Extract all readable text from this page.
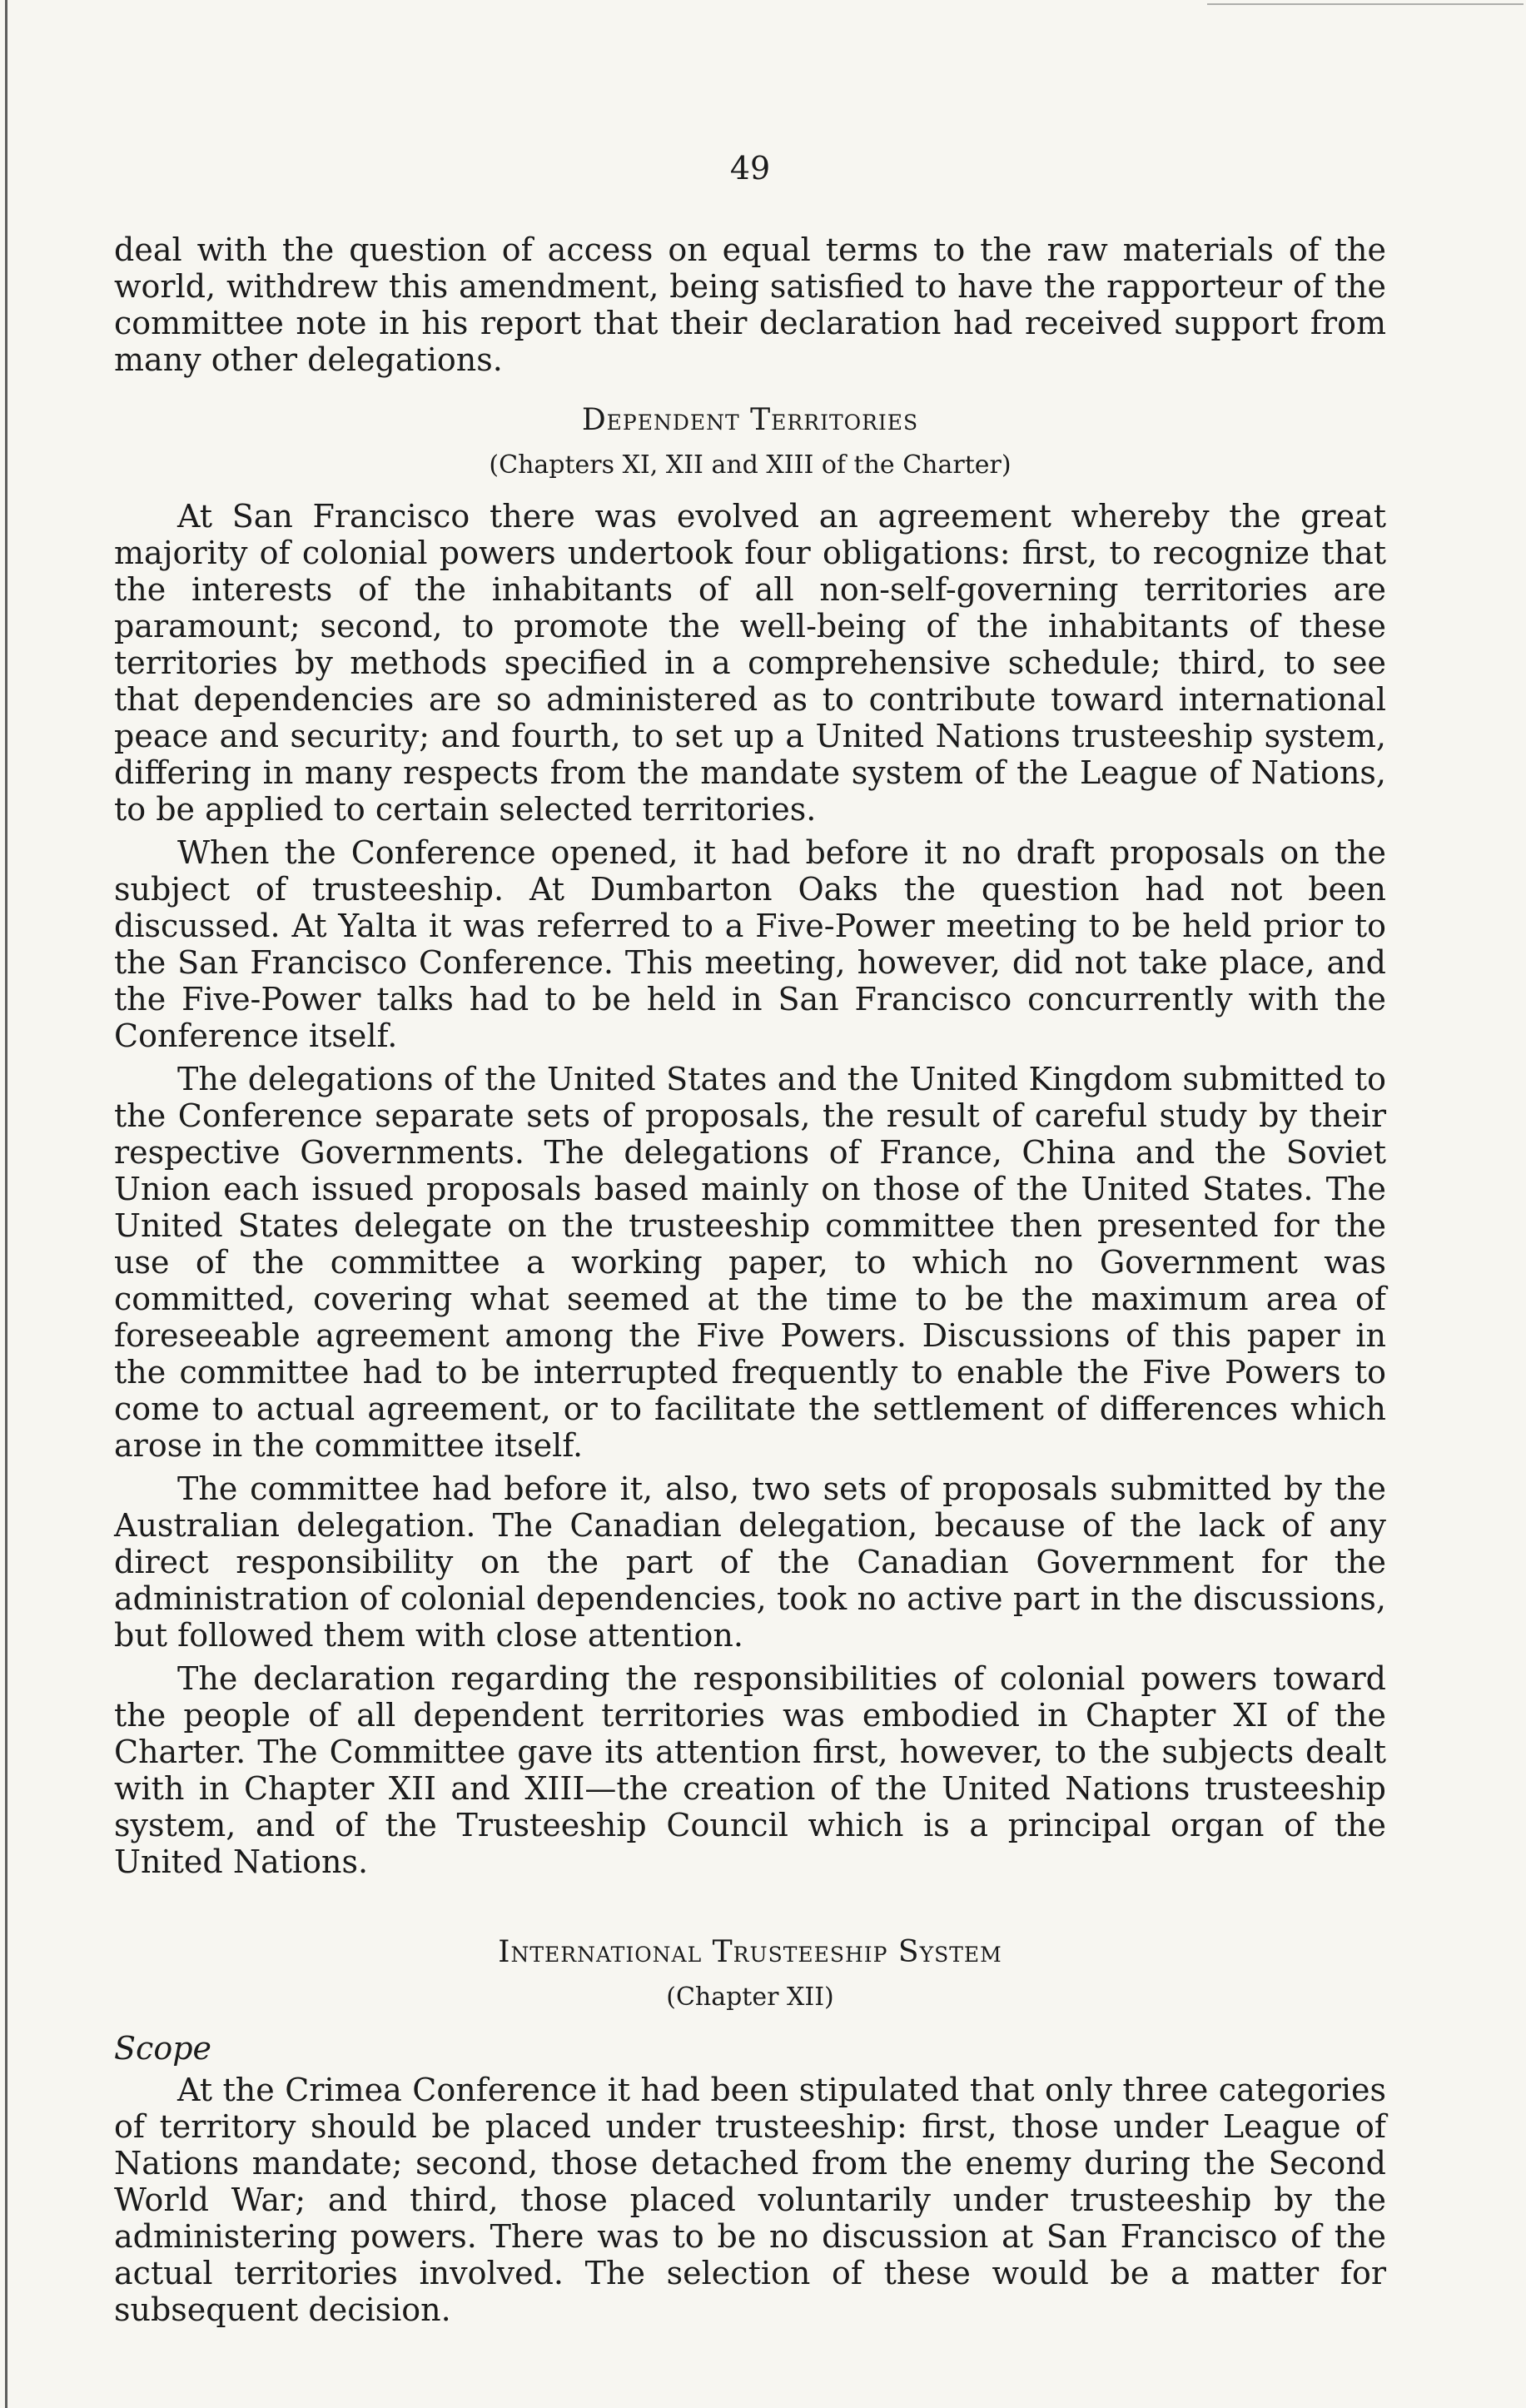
49

deal with the question of access on equal terms to the raw materials of the world, withdrew this amendment, being satisfied to have the rapporteur of the committee note in his report that their declaration had received support from many other delegations.

Dependent Territories
(Chapters XI, XII and XIII of the Charter)

At San Francisco there was evolved an agreement whereby the great majority of colonial powers undertook four obligations: first, to recognize that the interests of the inhabitants of all non-self-governing territories are paramount; second, to promote the well-being of the inhabitants of these territories by methods specified in a comprehensive schedule; third, to see that dependencies are so administered as to contribute toward international peace and security; and fourth, to set up a United Nations trusteeship system, differing in many respects from the mandate system of the League of Nations, to be applied to certain selected territories.

When the Conference opened, it had before it no draft proposals on the subject of trusteeship. At Dumbarton Oaks the question had not been discussed. At Yalta it was referred to a Five-Power meeting to be held prior to the San Francisco Conference. This meeting, however, did not take place, and the Five-Power talks had to be held in San Francisco concurrently with the Conference itself.

The delegations of the United States and the United Kingdom submitted to the Conference separate sets of proposals, the result of careful study by their respective Governments. The delegations of France, China and the Soviet Union each issued proposals based mainly on those of the United States. The United States delegate on the trusteeship committee then presented for the use of the committee a working paper, to which no Government was committed, covering what seemed at the time to be the maximum area of foreseeable agreement among the Five Powers. Discussions of this paper in the committee had to be interrupted frequently to enable the Five Powers to come to actual agreement, or to facilitate the settlement of differences which arose in the committee itself.

The committee had before it, also, two sets of proposals submitted by the Australian delegation. The Canadian delegation, because of the lack of any direct responsibility on the part of the Canadian Government for the administration of colonial dependencies, took no active part in the discussions, but followed them with close attention.

The declaration regarding the responsibilities of colonial powers toward the people of all dependent territories was embodied in Chapter XI of the Charter. The Committee gave its attention first, however, to the subjects dealt with in Chapter XII and XIII—the creation of the United Nations trusteeship system, and of the Trusteeship Council which is a principal organ of the United Nations.

International Trusteeship System
(Chapter XII)
Scope

At the Crimea Conference it had been stipulated that only three categories of territory should be placed under trusteeship: first, those under League of Nations mandate; second, those detached from the enemy during the Second World War; and third, those placed voluntarily under trusteeship by the administering powers. There was to be no discussion at San Francisco of the actual territories involved. The selection of these would be a matter for subsequent decision.
